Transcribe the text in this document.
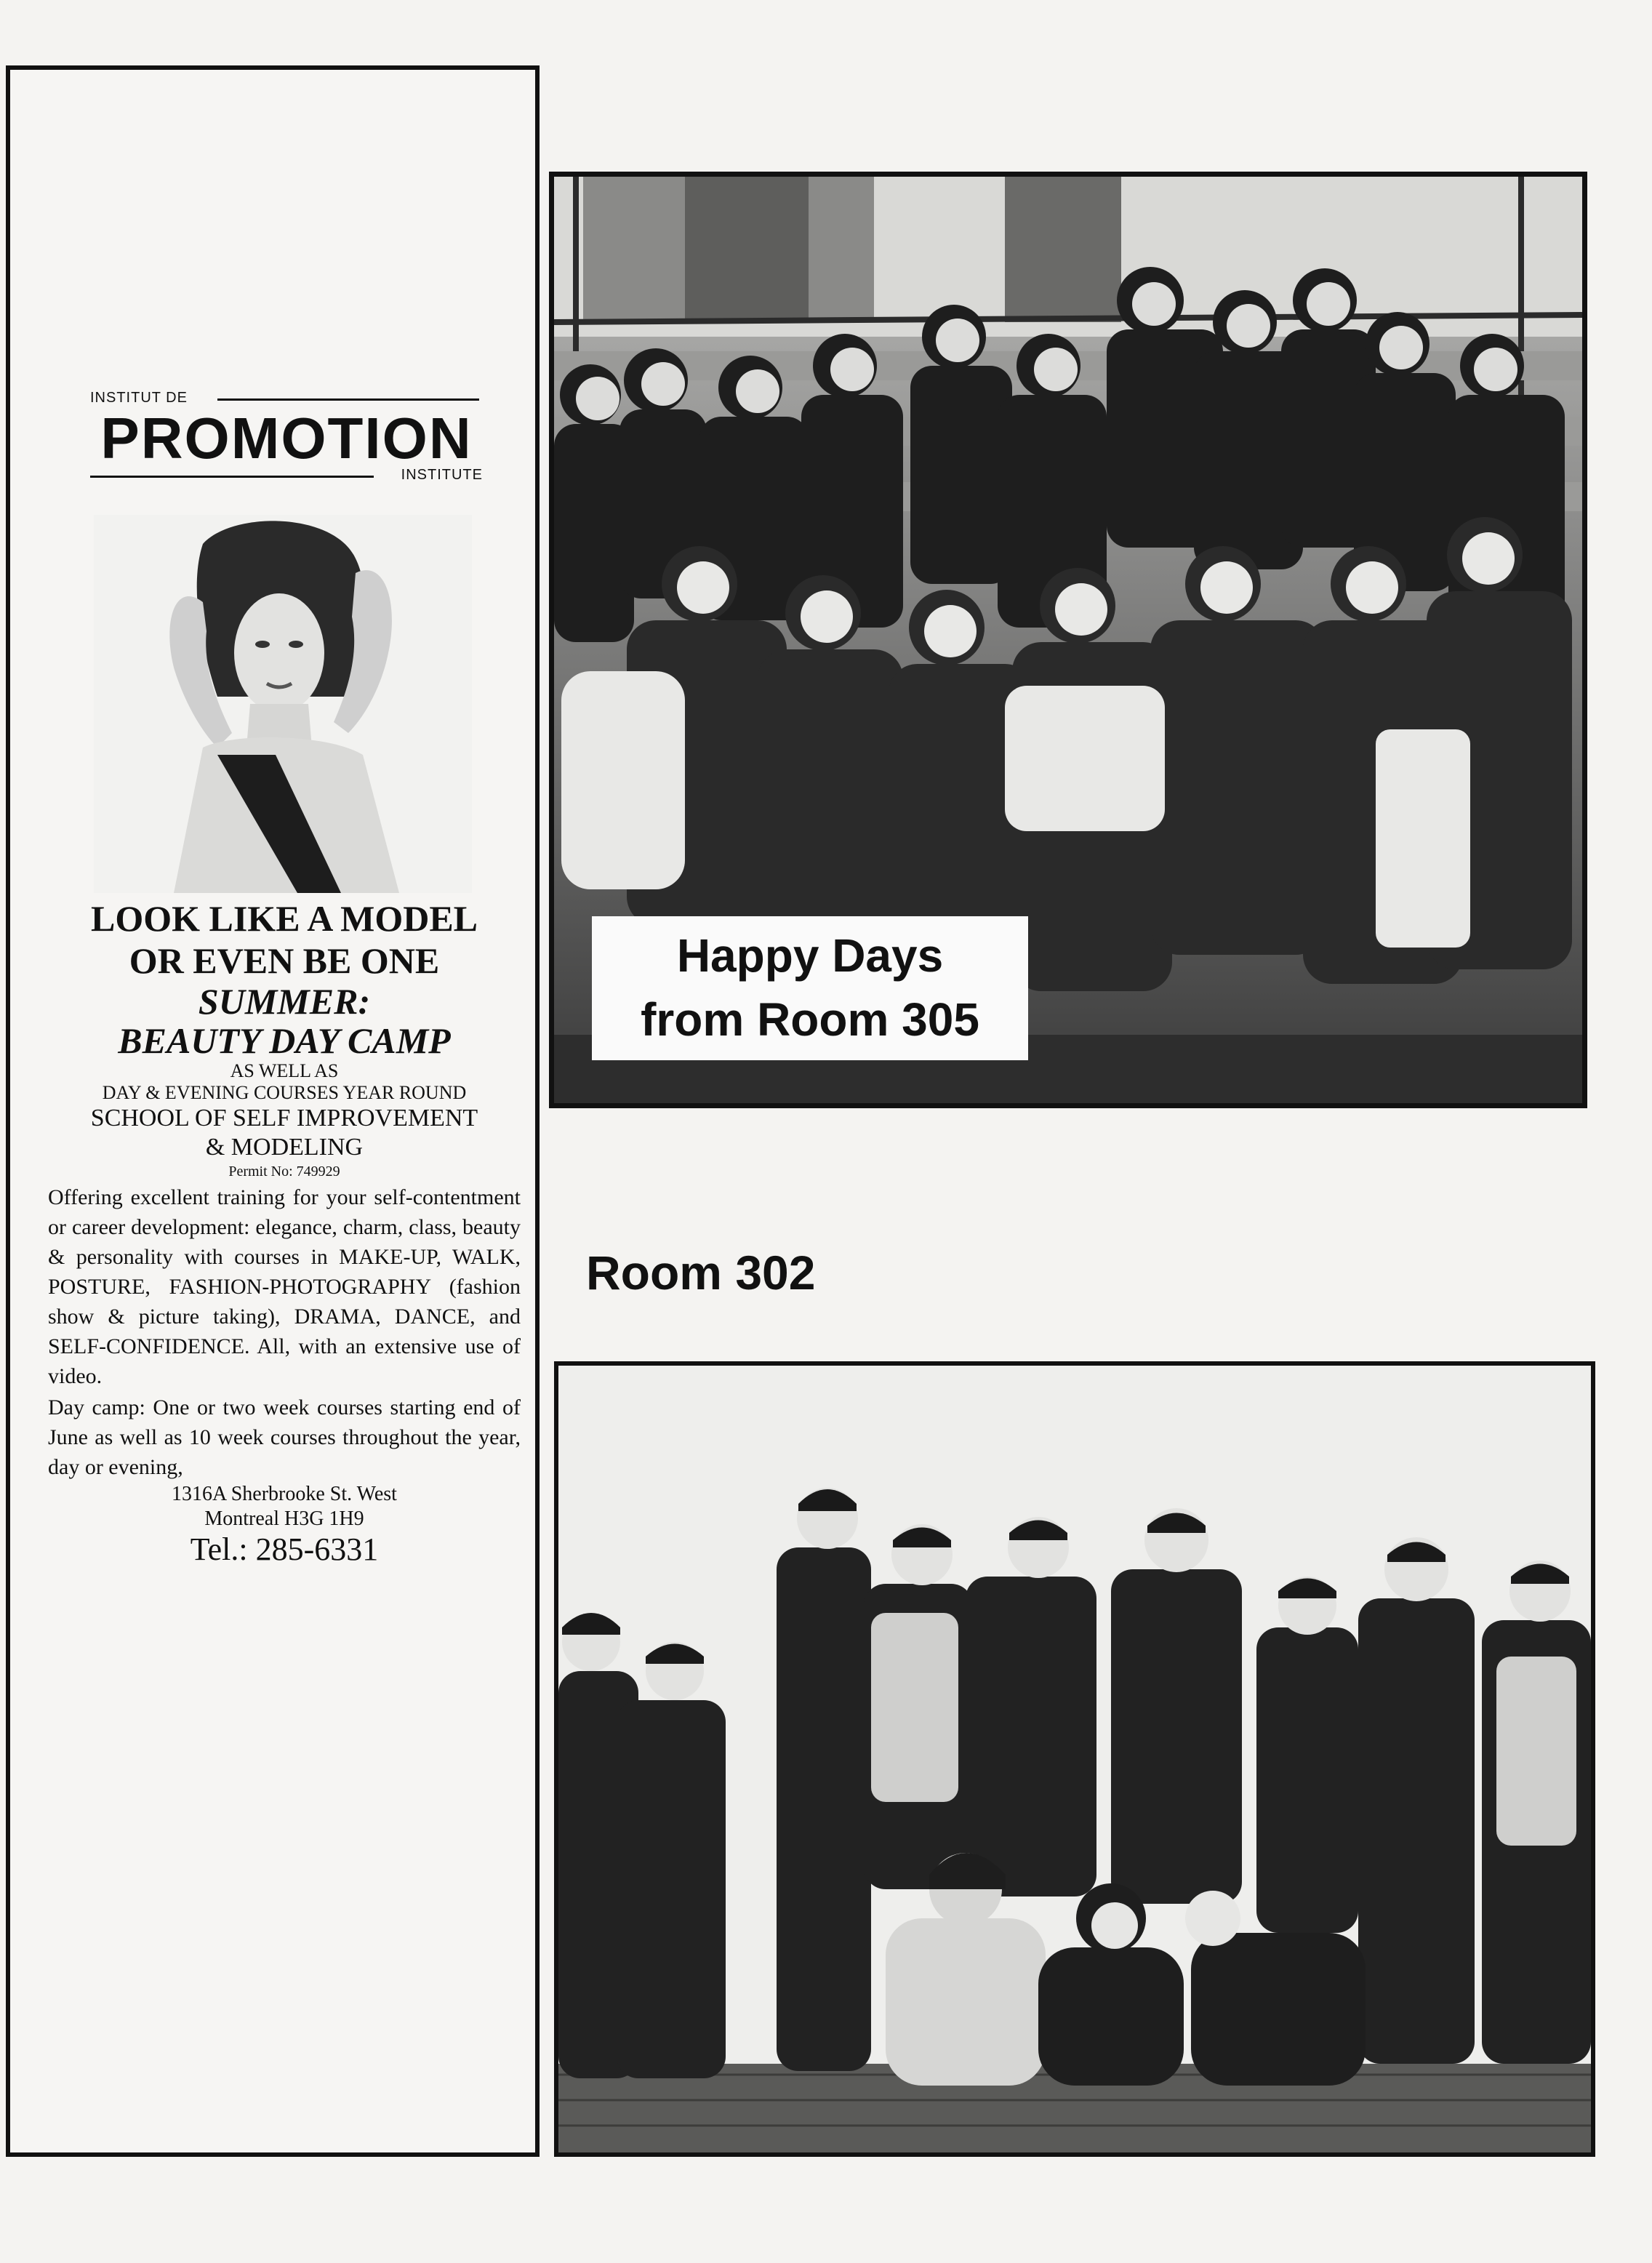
INSTITUT DE
PROMOTION
INSTITUTE
LOOK LIKE A MODEL
OR EVEN BE ONE
SUMMER:
BEAUTY DAY CAMP
AS WELL AS
DAY & EVENING COURSES YEAR ROUND
SCHOOL OF SELF IMPROVEMENT
& MODELING
Permit No: 749929
Offering excellent training for your self-contentment or career development: elegance, charm, class, beauty & personality with courses in MAKE-UP, WALK, POSTURE, FASHION-PHOTOGRAPHY (fashion show & picture taking), DRAMA, DANCE, and SELF-CONFIDENCE. All, with an extensive use of video.
Day camp: One or two week courses starting end of June as well as 10 week courses throughout the year, day or evening,
1316A Sherbrooke St. West
Montreal H3G 1H9
Tel.: 285-6331
Happy Days
from Room 305
Room 302
